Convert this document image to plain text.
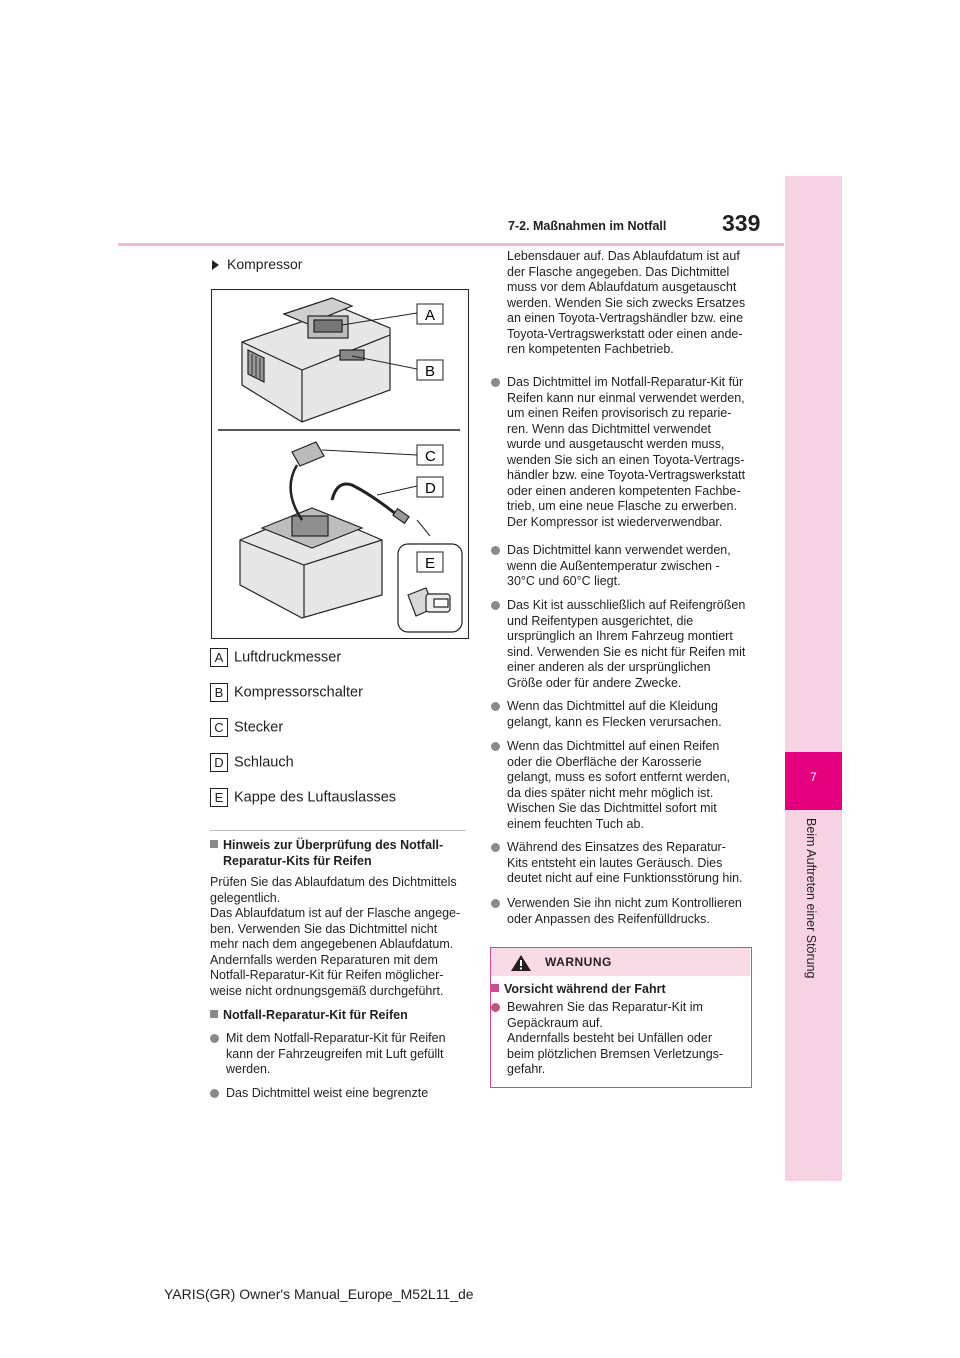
7-2. Maßnahmen im Notfall 339
7
Beim Auftreten einer Störung
Kompressor
A
B
C
D
E
A Luftdruckmesser
B Kompressorschalter
C Stecker
D Schlauch
E Kappe des Luftauslasses
Hinweis zur Überprüfung des Notfall-
Reparatur-Kits für Reifen
Prüfen Sie das Ablaufdatum des Dichtmittels
gelegentlich.
Das Ablaufdatum ist auf der Flasche angege-
ben. Verwenden Sie das Dichtmittel nicht
mehr nach dem angegebenen Ablaufdatum.
Andernfalls werden Reparaturen mit dem
Notfall-Reparatur-Kit für Reifen möglicher-
weise nicht ordnungsgemäß durchgeführt.
Notfall-Reparatur-Kit für Reifen
Mit dem Notfall-Reparatur-Kit für Reifen
kann der Fahrzeugreifen mit Luft gefüllt
werden.
Das Dichtmittel weist eine begrenzte
Lebensdauer auf. Das Ablaufdatum ist auf
der Flasche angegeben. Das Dichtmittel
muss vor dem Ablaufdatum ausgetauscht
werden. Wenden Sie sich zwecks Ersatzes
an einen Toyota-Vertragshändler bzw. eine
Toyota-Vertragswerkstatt oder einen ande-
ren kompetenten Fachbetrieb.
Das Dichtmittel im Notfall-Reparatur-Kit für
Reifen kann nur einmal verwendet werden,
um einen Reifen provisorisch zu reparie-
ren. Wenn das Dichtmittel verwendet
wurde und ausgetauscht werden muss,
wenden Sie sich an einen Toyota-Vertrags-
händler bzw. eine Toyota-Vertragswerkstatt
oder einen anderen kompetenten Fachbe-
trieb, um eine neue Flasche zu erwerben.
Der Kompressor ist wiederverwendbar.
Das Dichtmittel kann verwendet werden,
wenn die Außentemperatur zwischen -
30°C und 60°C liegt.
Das Kit ist ausschließlich auf Reifengrößen
und Reifentypen ausgerichtet, die
ursprünglich an Ihrem Fahrzeug montiert
sind. Verwenden Sie es nicht für Reifen mit
einer anderen als der ursprünglichen
Größe oder für andere Zwecke.
Wenn das Dichtmittel auf die Kleidung
gelangt, kann es Flecken verursachen.
Wenn das Dichtmittel auf einen Reifen
oder die Oberfläche der Karosserie
gelangt, muss es sofort entfernt werden,
da dies später nicht mehr möglich ist.
Wischen Sie das Dichtmittel sofort mit
einem feuchten Tuch ab.
Während des Einsatzes des Reparatur-
Kits entsteht ein lautes Geräusch. Dies
deutet nicht auf eine Funktionsstörung hin.
Verwenden Sie ihn nicht zum Kontrollieren
oder Anpassen des Reifenfülldrucks.
WARNUNG
Vorsicht während der Fahrt
Bewahren Sie das Reparatur-Kit im
Gepäckraum auf.
Andernfalls besteht bei Unfällen oder
beim plötzlichen Bremsen Verletzungs-
gefahr.
YARIS(GR) Owner's Manual_Europe_M52L11_de
